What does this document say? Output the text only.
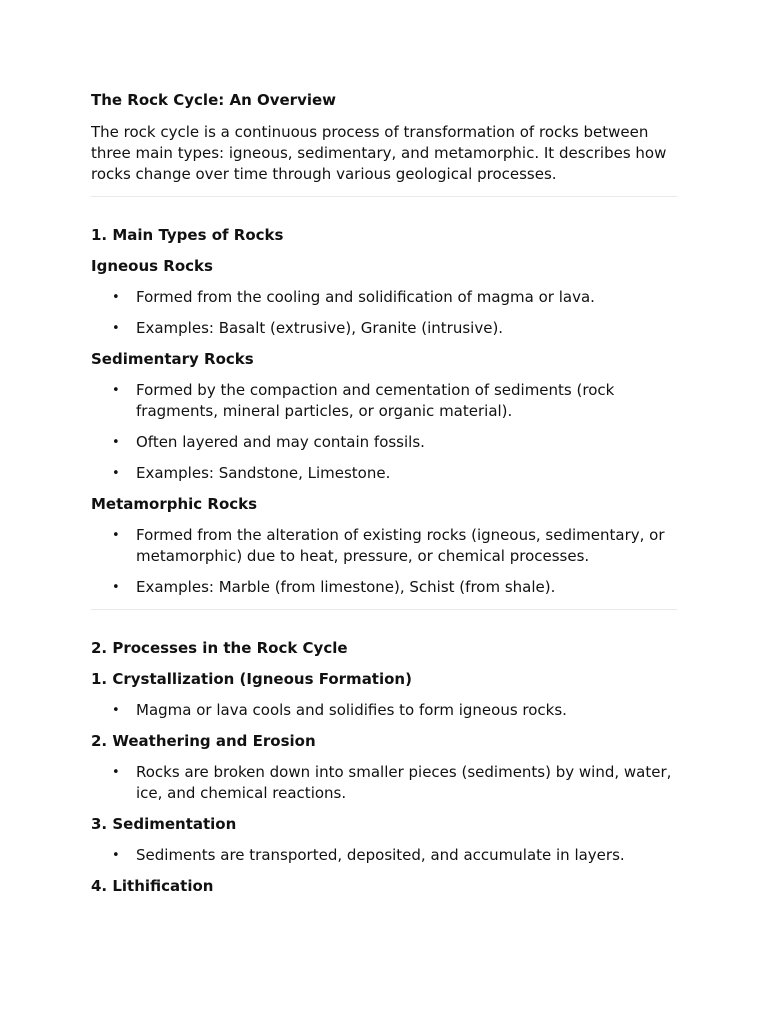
The Rock Cycle: An Overview

The rock cycle is a continuous process of transformation of rocks between three main types: igneous, sedimentary, and metamorphic. It describes how rocks change over time through various geological processes.

1. Main Types of Rocks
Igneous Rocks
• Formed from the cooling and solidification of magma or lava.
• Examples: Basalt (extrusive), Granite (intrusive).
Sedimentary Rocks
• Formed by the compaction and cementation of sediments (rock fragments, mineral particles, or organic material).
• Often layered and may contain fossils.
• Examples: Sandstone, Limestone.
Metamorphic Rocks
• Formed from the alteration of existing rocks (igneous, sedimentary, or metamorphic) due to heat, pressure, or chemical processes.
• Examples: Marble (from limestone), Schist (from shale).
2. Processes in the Rock Cycle
1. Crystallization (Igneous Formation)
• Magma or lava cools and solidifies to form igneous rocks.
2. Weathering and Erosion
• Rocks are broken down into smaller pieces (sediments) by wind, water, ice, and chemical reactions.
3. Sedimentation
• Sediments are transported, deposited, and accumulate in layers.
4. Lithification
